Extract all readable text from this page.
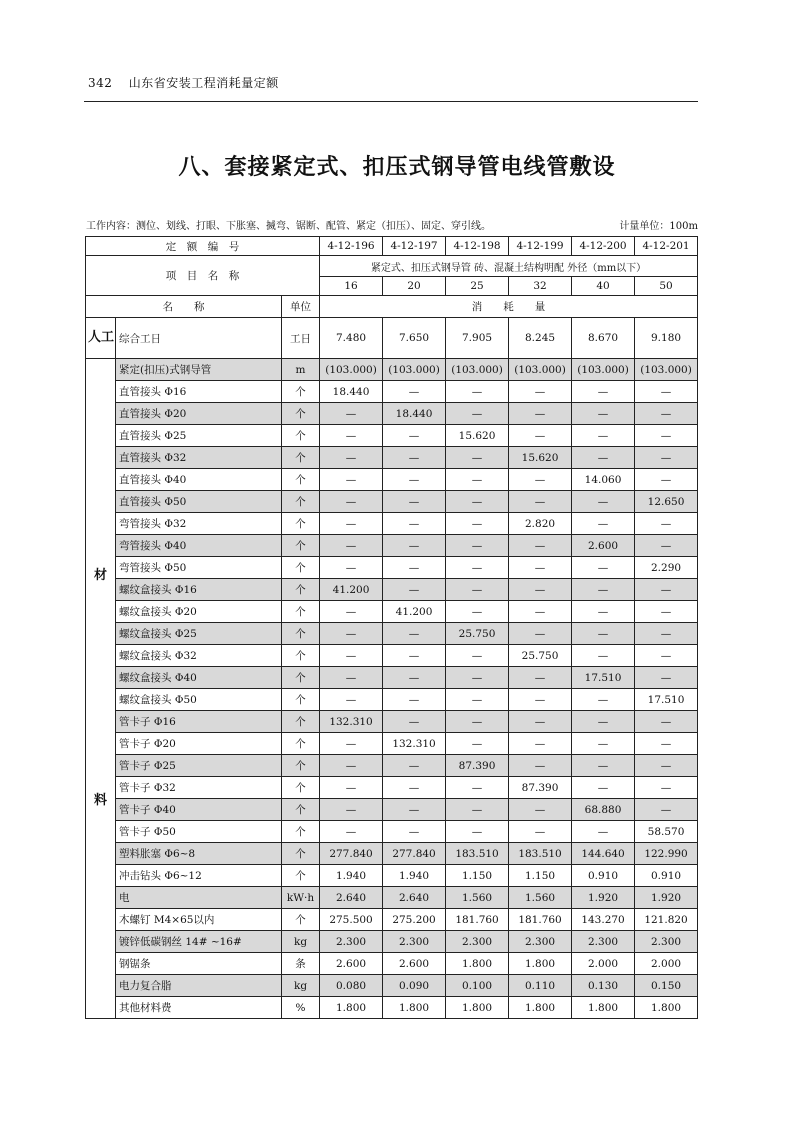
342 山东省安装工程消耗量定额
八、套接紧定式、扣压式钢导管电线管敷设
工作内容：测位、划线、打眼、下胀塞、揻弯、锯断、配管、紧定（扣压）、固定、穿引线。	计量单位：100m
定　额　编　号			4-12-196	4-12-197	4-12-198	4-12-199	4-12-200	4-12-201
项　目　名　称			紧定式、扣压式钢导管 砖、混凝土结构明配 外径（mm以下）					
			16	20	25	32	40	50
名　　称		单位	消　　耗　　量					
人工	综合工日	工日	7.480	7.650	7.905	8.245	8.670	9.180

材
料	紧定(扣压)式钢导管	m	(103.000)	(103.000)	(103.000)	(103.000)	(103.000)	(103.000)
	直管接头 Φ16	个	18.440	—	—	—	—	—
	直管接头 Φ20	个	—	18.440	—	—	—	—
	直管接头 Φ25	个	—	—	15.620	—	—	—
	直管接头 Φ32	个	—	—	—	15.620	—	—
	直管接头 Φ40	个	—	—	—	—	14.060	—
	直管接头 Φ50	个	—	—	—	—	—	12.650
	弯管接头 Φ32	个	—	—	—	2.820	—	—
	弯管接头 Φ40	个	—	—	—	—	2.600	—
	弯管接头 Φ50	个	—	—	—	—	—	2.290
	螺纹盒接头 Φ16	个	41.200	—	—	—	—	—
	螺纹盒接头 Φ20	个	—	41.200	—	—	—	—
	螺纹盒接头 Φ25	个	—	—	25.750	—	—	—
	螺纹盒接头 Φ32	个	—	—	—	25.750	—	—
	螺纹盒接头 Φ40	个	—	—	—	—	17.510	—
	螺纹盒接头 Φ50	个	—	—	—	—	—	17.510
	管卡子 Φ16	个	132.310	—	—	—	—	—
	管卡子 Φ20	个	—	132.310	—	—	—	—
	管卡子 Φ25	个	—	—	87.390	—	—	—
	管卡子 Φ32	个	—	—	—	87.390	—	—
	管卡子 Φ40	个	—	—	—	—	68.880	—
	管卡子 Φ50	个	—	—	—	—	—	58.570
	塑料胀塞 Φ6~8	个	277.840	277.840	183.510	183.510	144.640	122.990
	冲击钻头 Φ6~12	个	1.940	1.940	1.150	1.150	0.910	0.910
	电	kW·h	2.640	2.640	1.560	1.560	1.920	1.920
	木螺钉 M4×65以内	个	275.500	275.200	181.760	181.760	143.270	121.820
	镀锌低碳钢丝 14# ~16#	kg	2.300	2.300	2.300	2.300	2.300	2.300
	钢锯条	条	2.600	2.600	1.800	1.800	2.000	2.000
	电力复合脂	kg	0.080	0.090	0.100	0.110	0.130	0.150
	其他材料费	%	1.800	1.800	1.800	1.800	1.800	1.800
